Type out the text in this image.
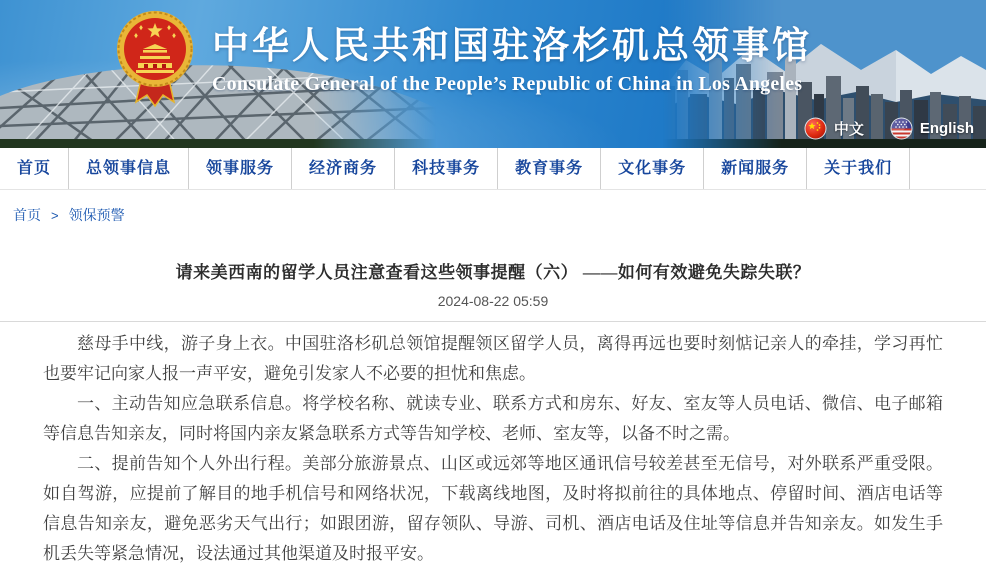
中华人民共和国驻洛杉矶总领事馆
Consulate General of the People’s Republic of China in Los Angeles
中文	English
首页	总领事信息	领事服务	经济商务	科技事务	教育事务	文化事务	新闻服务	关于我们
首页 > 领保预警
请来美西南的留学人员注意查看这些领事提醒（六） ——如何有效避免失踪失联？
2024-08-22 05:59

慈母手中线，游子身上衣。中国驻洛杉矶总领馆提醒领区留学人员，离得再远也要时刻惦记亲人的牵挂，学习再忙也要牢记向家人报一声平安，避免引发家人不必要的担忧和焦虑。

一、主动告知应急联系信息。将学校名称、就读专业、联系方式和房东、好友、室友等人员电话、微信、电子邮箱等信息告知亲友，同时将国内亲友紧急联系方式等告知学校、老师、室友等，以备不时之需。

二、提前告知个人外出行程。美部分旅游景点、山区或远郊等地区通讯信号较差甚至无信号，对外联系严重受限。如自驾游，应提前了解目的地手机信号和网络状况，下载离线地图，及时将拟前往的具体地点、停留时间、酒店电话等信息告知亲友，避免恶劣天气出行；如跟团游，留存领队、导游、司机、酒店电话及住址等信息并告知亲友。如发生手机丢失等紧急情况，设法通过其他渠道及时报平安。
